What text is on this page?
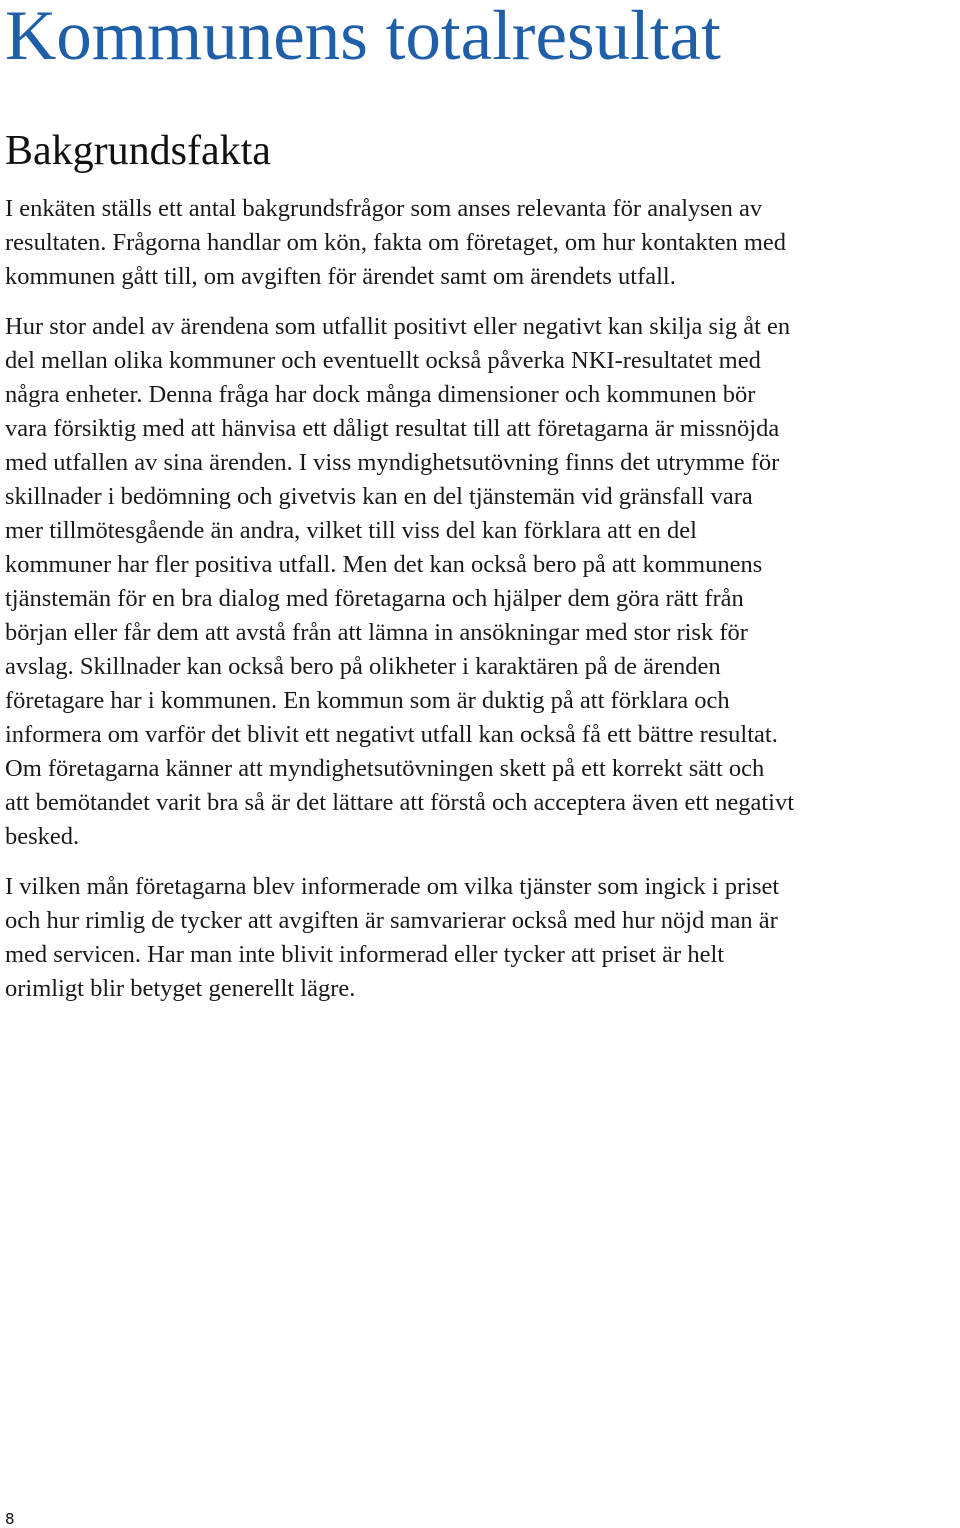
Kommunens totalresultat
Bakgrundsfakta

I enkäten ställs ett antal bakgrundsfrågor som anses relevanta för analysen av
resultaten. Frågorna handlar om kön, fakta om företaget, om hur kontakten med
kommunen gått till, om avgiften för ärendet samt om ärendets utfall.

Hur stor andel av ärendena som utfallit positivt eller negativt kan skilja sig åt en
del mellan olika kommuner och eventuellt också påverka NKI-resultatet med
några enheter. Denna fråga har dock många dimensioner och kommunen bör
vara försiktig med att hänvisa ett dåligt resultat till att företagarna är missnöjda
med utfallen av sina ärenden. I viss myndighetsutövning finns det utrymme för
skillnader i bedömning och givetvis kan en del tjänstemän vid gränsfall vara
mer tillmötesgående än andra, vilket till viss del kan förklara att en del
kommuner har fler positiva utfall. Men det kan också bero på att kommunens
tjänstemän för en bra dialog med företagarna och hjälper dem göra rätt från
början eller får dem att avstå från att lämna in ansökningar med stor risk för
avslag. Skillnader kan också bero på olikheter i karaktären på de ärenden
företagare har i kommunen. En kommun som är duktig på att förklara och
informera om varför det blivit ett negativt utfall kan också få ett bättre resultat.
Om företagarna känner att myndighetsutövningen skett på ett korrekt sätt och
att bemötandet varit bra så är det lättare att förstå och acceptera även ett negativt
besked.

I vilken mån företagarna blev informerade om vilka tjänster som ingick i priset
och hur rimlig de tycker att avgiften är samvarierar också med hur nöjd man är
med servicen. Har man inte blivit informerad eller tycker att priset är helt
orimligt blir betyget generellt lägre.

8
